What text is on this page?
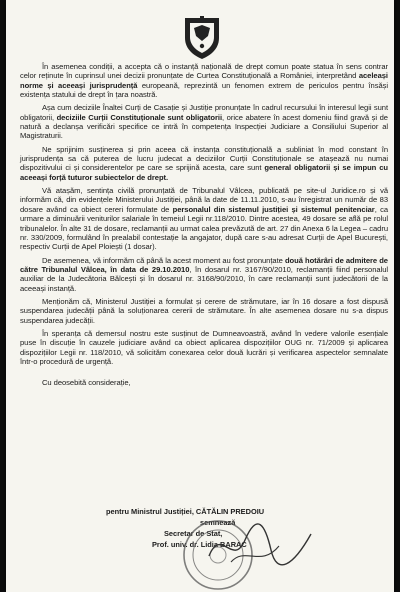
În asemenea condiții, a accepta că o instanță națională de drept comun poate statua în sens contrar celor reținute în cuprinsul unei decizii pronunțate de Curtea Constituțională a României, interpretând aceleași norme și aceeași jurisprudență europeană, reprezintă un fenomen extrem de periculos pentru însăși existența statului de drept în țara noastră.

Așa cum deciziile Înaltei Curți de Casație și Justiție pronunțate în cadrul recursului în interesul legii sunt obligatorii, deciziile Curții Constituționale sunt obligatorii, orice abatere în acest domeniu fiind gravă și de natură a declanșa verificări specifice ce intră în competența Inspecției Judiciare a Consiliului Superior al Magistraturii.

Ne sprijinim susținerea și prin aceea că instanța constituțională a subliniat în mod constant în jurisprudența sa că puterea de lucru judecat a deciziilor Curții Constituționale se atașează nu numai dispozitivului ci și considerentelor pe care se sprijină acesta, care sunt general obligatorii și se impun cu aceeași forță tuturor subiectelor de drept.

Vă atașăm, sentința civilă pronunțată de Tribunalul Vâlcea, publicată pe site-ul Juridice.ro și vă informăm că, din evidențele Ministerului Justiției, până la date de 11.11.2010, s-au înregistrat un număr de 83 dosare având ca obiect cereri formulate de personalul din sistemul justiției și sistemul penitenciar, ca urmare a diminuării veniturilor salariale în temeiul Legii nr.118/2010. Dintre acestea, 49 dosare se află pe rolul tribunalelor. În alte 31 de dosare, reclamanții au urmat calea prevăzută de art. 27 din Anexa 6 la Legea – cadru nr. 330/2009, formulând în prealabil contestație la angajator, după care s-au adresat Curții de Apel București, respectiv Curții de Apel Ploiești (1 dosar).

De asemenea, vă informăm că până la acest moment au fost pronunțate două hotărâri de admitere de către Tribunalul Vâlcea, în data de 29.10.2010, în dosarul nr. 3167/90/2010, reclamanții fiind personalul auxiliar de la Judecătoria Bălcești și în dosarul nr. 3168/90/2010, în care reclamanții sunt judecătorii de la aceeași instanță.

Menționăm că, Ministerul Justiției a formulat și cerere de strămutare, iar în 16 dosare a fost dispusă suspendarea judecății până la soluționarea cererii de strămutare. În alte asemenea dosare nu s-a dispus suspendarea judecății.

În speranța că demersul nostru este susținut de Dumneavoastră, având în vedere valorile esențiale puse în discuție în cauzele judiciare având ca obiect aplicarea dispozițiilor OUG nr. 71/2009 și aplicarea dispozițiilor Legii nr. 118/2010, vă solicităm conexarea celor două lucrări și verificarea aspectelor semnalate într-o procedură de urgență.

Cu deosebită considerație,

pentru Ministrul Justiției, CĂTĂLIN PREDOIU
semnează
Secretar de Stat,
Prof. univ. dr. Lidia BARAC
